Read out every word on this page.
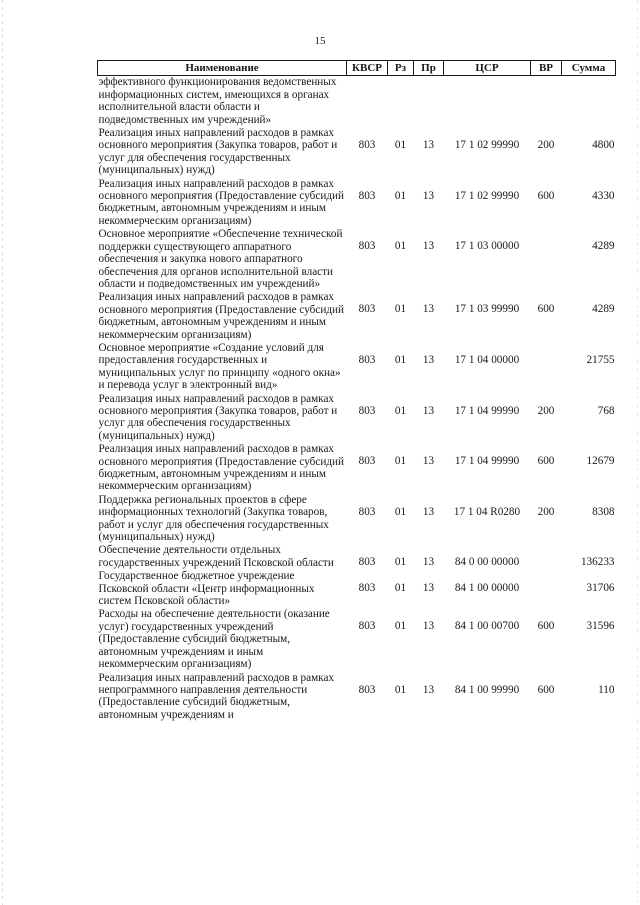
15
Наименование	КВСР	Рз	Пр	ЦСР	ВР	Сумма
эффективного функционирования ведомственных информационных систем, имеющихся в органах исполнительной власти области и подведомственных им учреждений»						
Реализация иных направлений расходов в рамках основного мероприятия (Закупка товаров, работ и услуг для обеспечения государственных (муниципальных) нужд)	803	01	13	17 1 02 99990	200	4800
Реализация иных направлений расходов в рамках основного мероприятия (Предоставление субсидий бюджетным, автономным учреждениям и иным некоммерческим организациям)	803	01	13	17 1 02 99990	600	4330
Основное мероприятие «Обеспечение технической поддержки существующего аппаратного обеспечения и закупка нового аппаратного обеспечения для органов исполнительной власти области и подведомственных им учреждений»	803	01	13	17 1 03 00000		4289
Реализация иных направлений расходов в рамках основного мероприятия (Предоставление субсидий бюджетным, автономным учреждениям и иным некоммерческим организациям)	803	01	13	17 1 03 99990	600	4289
Основное мероприятие «Создание условий для предоставления государственных и муниципальных услуг по принципу «одного окна» и перевода услуг в электронный вид»	803	01	13	17 1 04 00000		21755
Реализация иных направлений расходов в рамках основного мероприятия (Закупка товаров, работ и услуг для обеспечения государственных (муниципальных) нужд)	803	01	13	17 1 04 99990	200	768
Реализация иных направлений расходов в рамках основного мероприятия (Предоставление субсидий бюджетным, автономным учреждениям и иным некоммерческим организациям)	803	01	13	17 1 04 99990	600	12679
Поддержка региональных проектов в сфере информационных технологий (Закупка товаров, работ и услуг для обеспечения государственных (муниципальных) нужд)	803	01	13	17 1 04 R0280	200	8308
Обеспечение деятельности отдельных государственных учреждений Псковской области	803	01	13	84 0 00 00000		136233
Государственное бюджетное учреждение Псковской области «Центр информационных систем Псковской области»	803	01	13	84 1 00 00000		31706
Расходы на обеспечение деятельности (оказание услуг) государственных учреждений (Предоставление субсидий бюджетным, автономным учреждениям и иным некоммерческим организациям)	803	01	13	84 1 00 00700	600	31596
Реализация иных направлений расходов в рамках непрограммного направления деятельности (Предоставление субсидий бюджетным, автономным учреждениям и	803	01	13	84 1 00 99990	600	110
